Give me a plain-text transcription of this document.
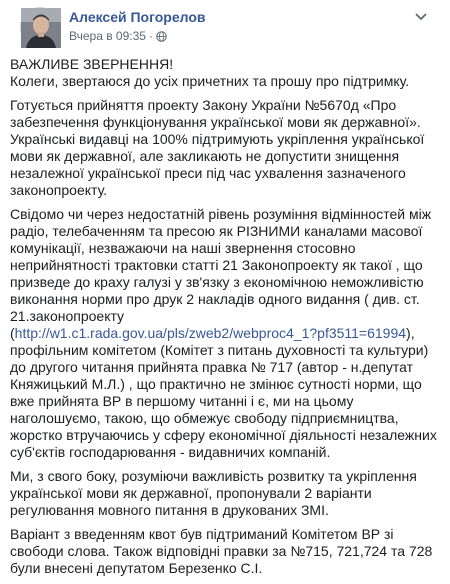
Алексей Погорелов
Вчера в 09:35 ·

ВАЖЛИВЕ ЗВЕРНЕННЯ!
Колеги, звертаюся до усіх причетних та прошу про підтримку.

Готується прийняття проекту Закону України №5670д «Про забезпечення функціонування української мови як державної». Українські видавці на 100% підтримують укріплення української мови як державної, але закликають не допустити знищення незалежної української преси під час ухвалення зазначеного законопроекту.

Свідомо чи через недостатній рівень розуміння відмінностей між радіо, телебаченням та пресою як РІЗНИМИ каналами масової комунікації, незважаючи на наші звернення стосовно неприйнятності трактовки статті 21 Законопроекту як такої , що призведе до краху галузі у зв'язку з економічною неможливістю виконання норми про друк 2 накладів одного видання ( див. ст. 21.законопроекту
(http://w1.c1.rada.gov.ua/pls/zweb2/webproc4_1?pf3511=61994), профільним комітетом (Комітет з питань духовності та культури) до другого читання прийнята правка № 717 (автор - н.депутат Княжицький М.Л.) , що практично не змінює сутності норми, що вже прийнята ВР в першому читанні і є, ми на цьому наголошуємо, такою, що обмежує свободу підприємництва, жорстко втручаючись у сферу економічної діяльності незалежних суб'єктів господарювання - видавничих компаній.

Ми, з свого боку, розуміючи важливість розвитку та укріплення української мови як державної, пропонували 2 варіанти регулювання мовного питання в друкованих ЗМІ.

Варіант з введенням квот був підтриманий Комітетом ВР зі свободи слова. Також відповідні правки за №715, 721,724 та 728 були внесені депутатом Березенко С.І.
